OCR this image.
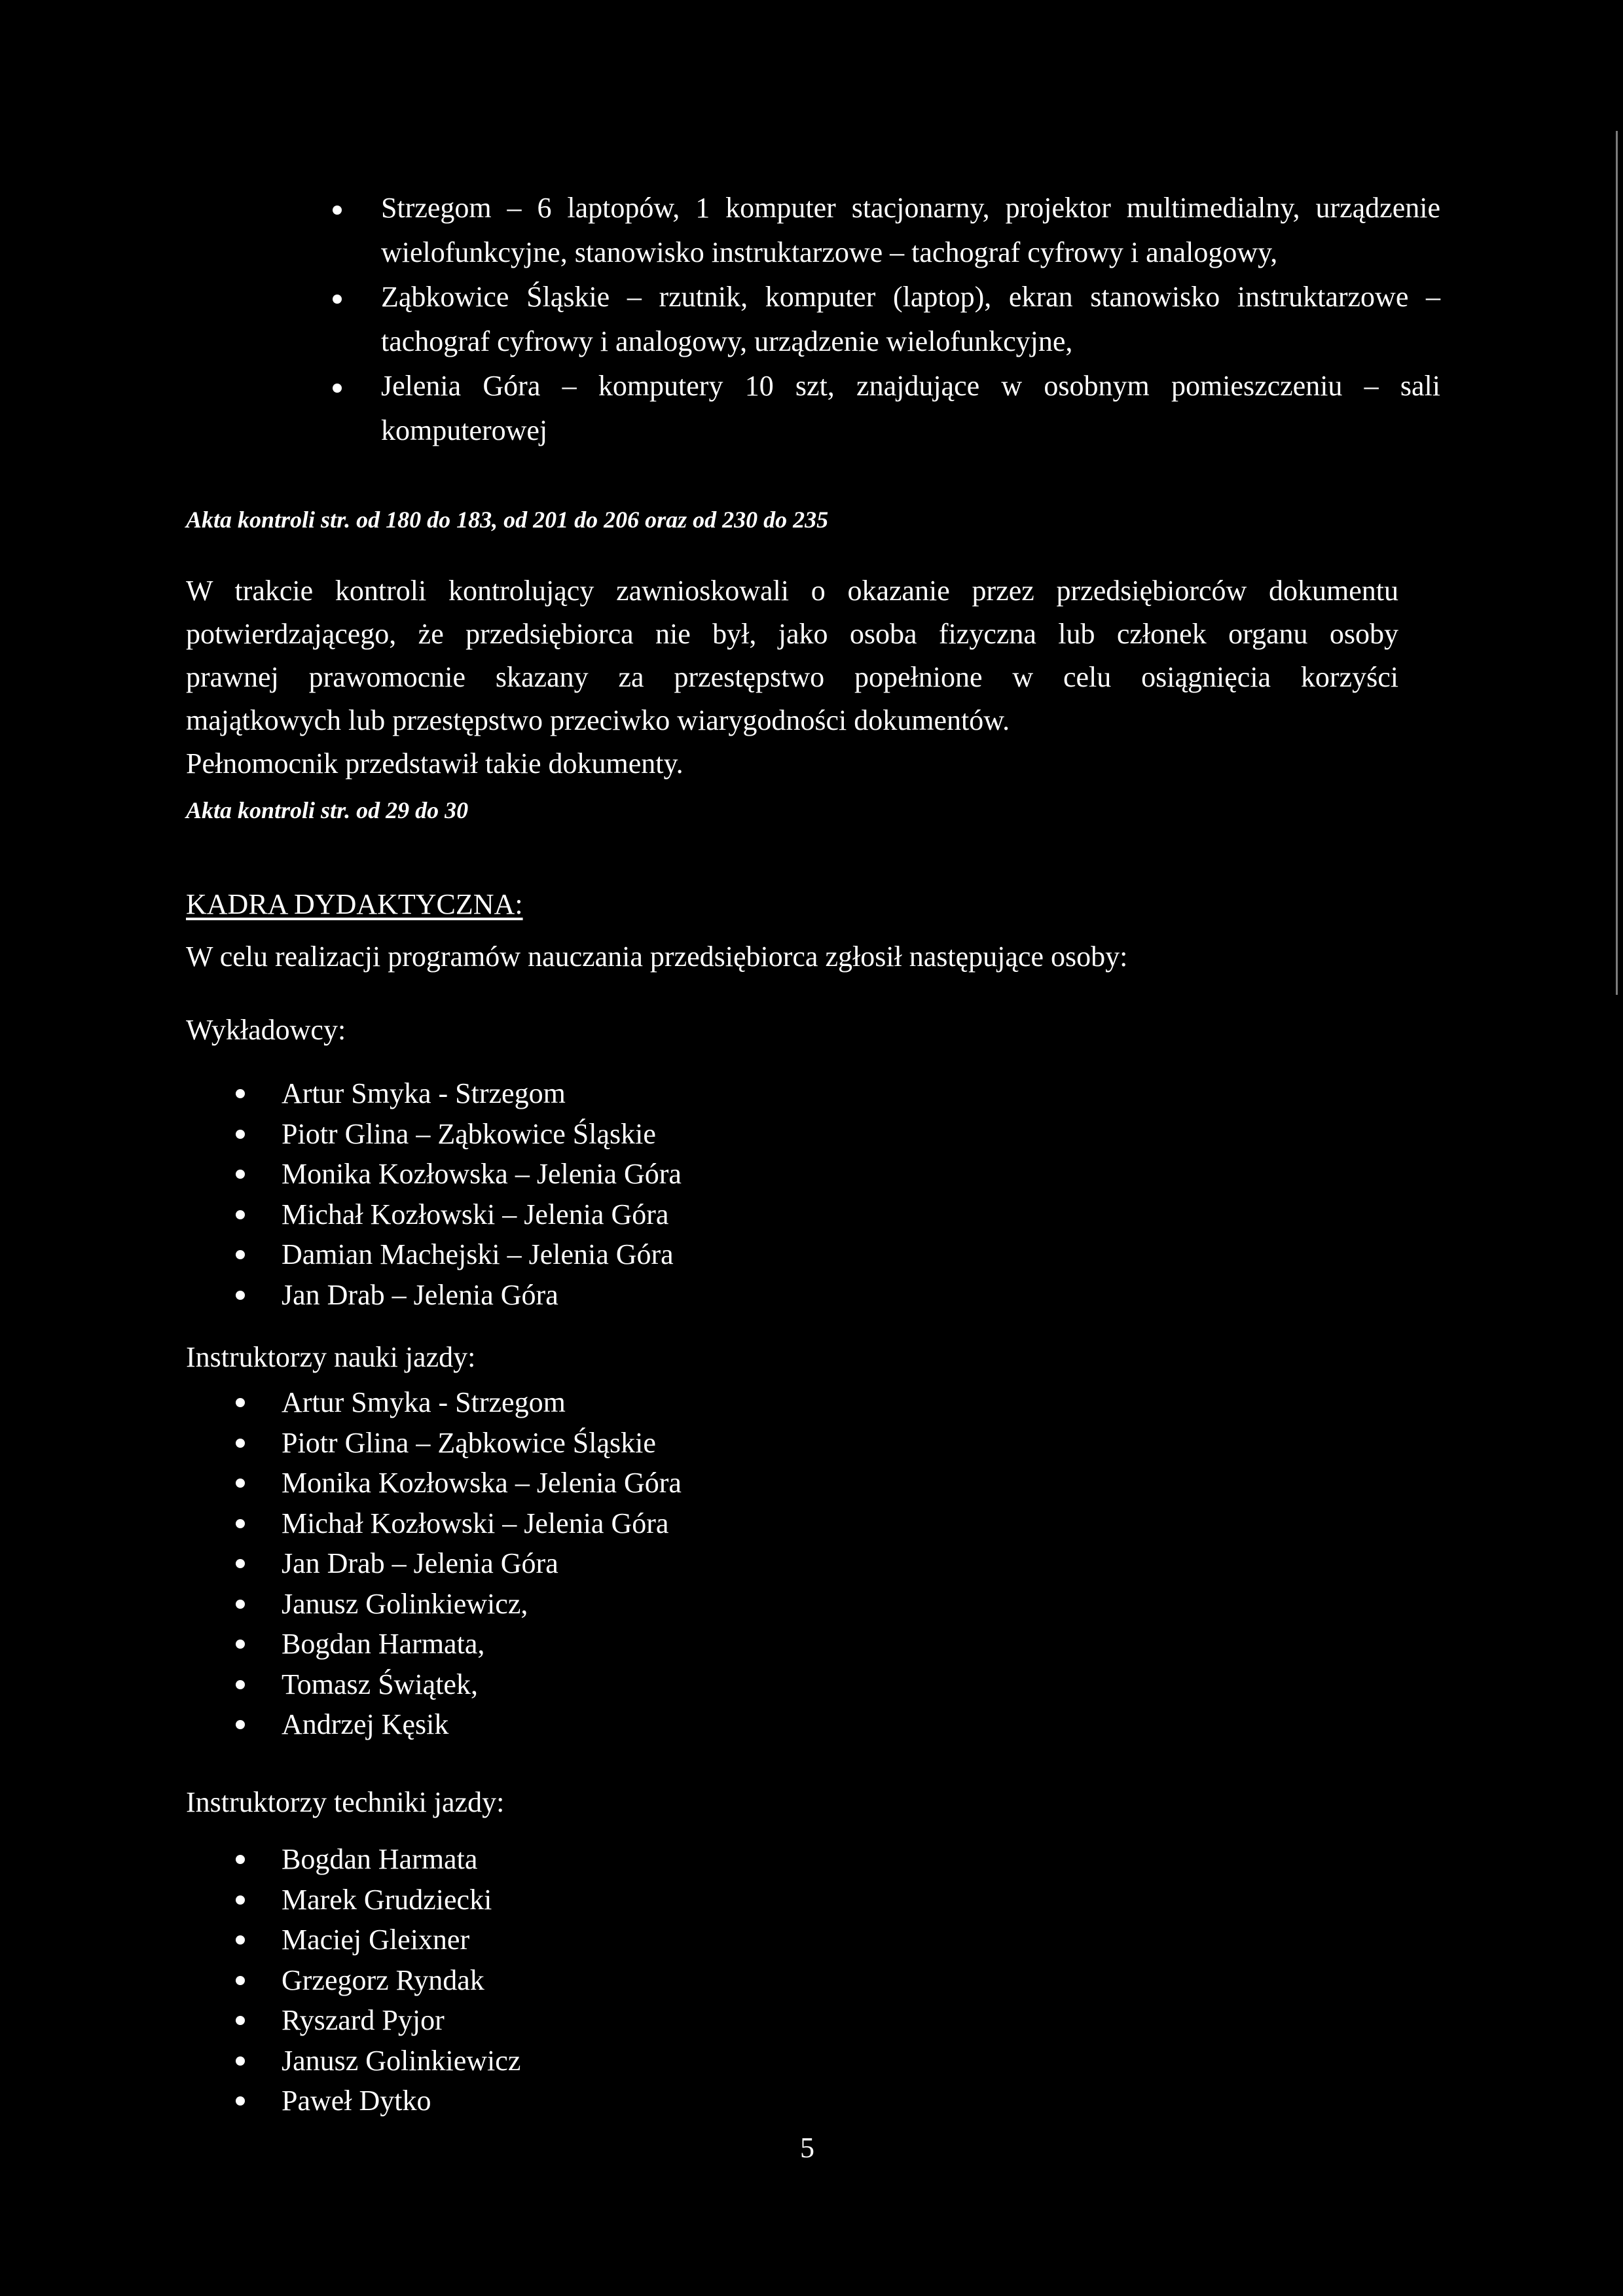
Strzegom – 6 laptopów, 1 komputer stacjonarny, projektor multimedialny, urządzenie wielofunkcyjne, stanowisko instruktarzowe – tachograf cyfrowy i analogowy,
Ząbkowice Śląskie – rzutnik, komputer (laptop), ekran stanowisko instruktarzowe – tachograf cyfrowy i analogowy, urządzenie wielofunkcyjne,
Jelenia Góra – komputery 10 szt, znajdujące w osobnym pomieszczeniu – sali komputerowej
Akta kontroli str. od 180 do 183, od 201 do 206 oraz od 230 do 235
W trakcie kontroli kontrolujący zawnioskowali o okazanie przez przedsiębiorców dokumentu
potwierdzającego, że przedsiębiorca nie był, jako osoba fizyczna lub członek organu osoby
prawnej prawomocnie skazany za przestępstwo popełnione w celu osiągnięcia korzyści
majątkowych lub przestępstwo przeciwko wiarygodności dokumentów.
Pełnomocnik przedstawił takie dokumenty.
Akta kontroli str. od 29 do 30
KADRA DYDAKTYCZNA:
W celu realizacji programów nauczania przedsiębiorca zgłosił następujące osoby:
Wykładowcy:
Artur Smyka - Strzegom
Piotr Glina – Ząbkowice Śląskie
Monika Kozłowska – Jelenia Góra
Michał Kozłowski – Jelenia Góra
Damian Machejski – Jelenia Góra
Jan Drab – Jelenia Góra
Instruktorzy nauki jazdy:
Artur Smyka - Strzegom
Piotr Glina – Ząbkowice Śląskie
Monika Kozłowska – Jelenia Góra
Michał Kozłowski – Jelenia Góra
Jan Drab – Jelenia Góra
Janusz Golinkiewicz,
Bogdan Harmata,
Tomasz Świątek,
Andrzej Kęsik
Instruktorzy techniki jazdy:
Bogdan Harmata
Marek Grudziecki
Maciej Gleixner
Grzegorz Ryndak
Ryszard Pyjor
Janusz Golinkiewicz
Paweł Dytko
5
